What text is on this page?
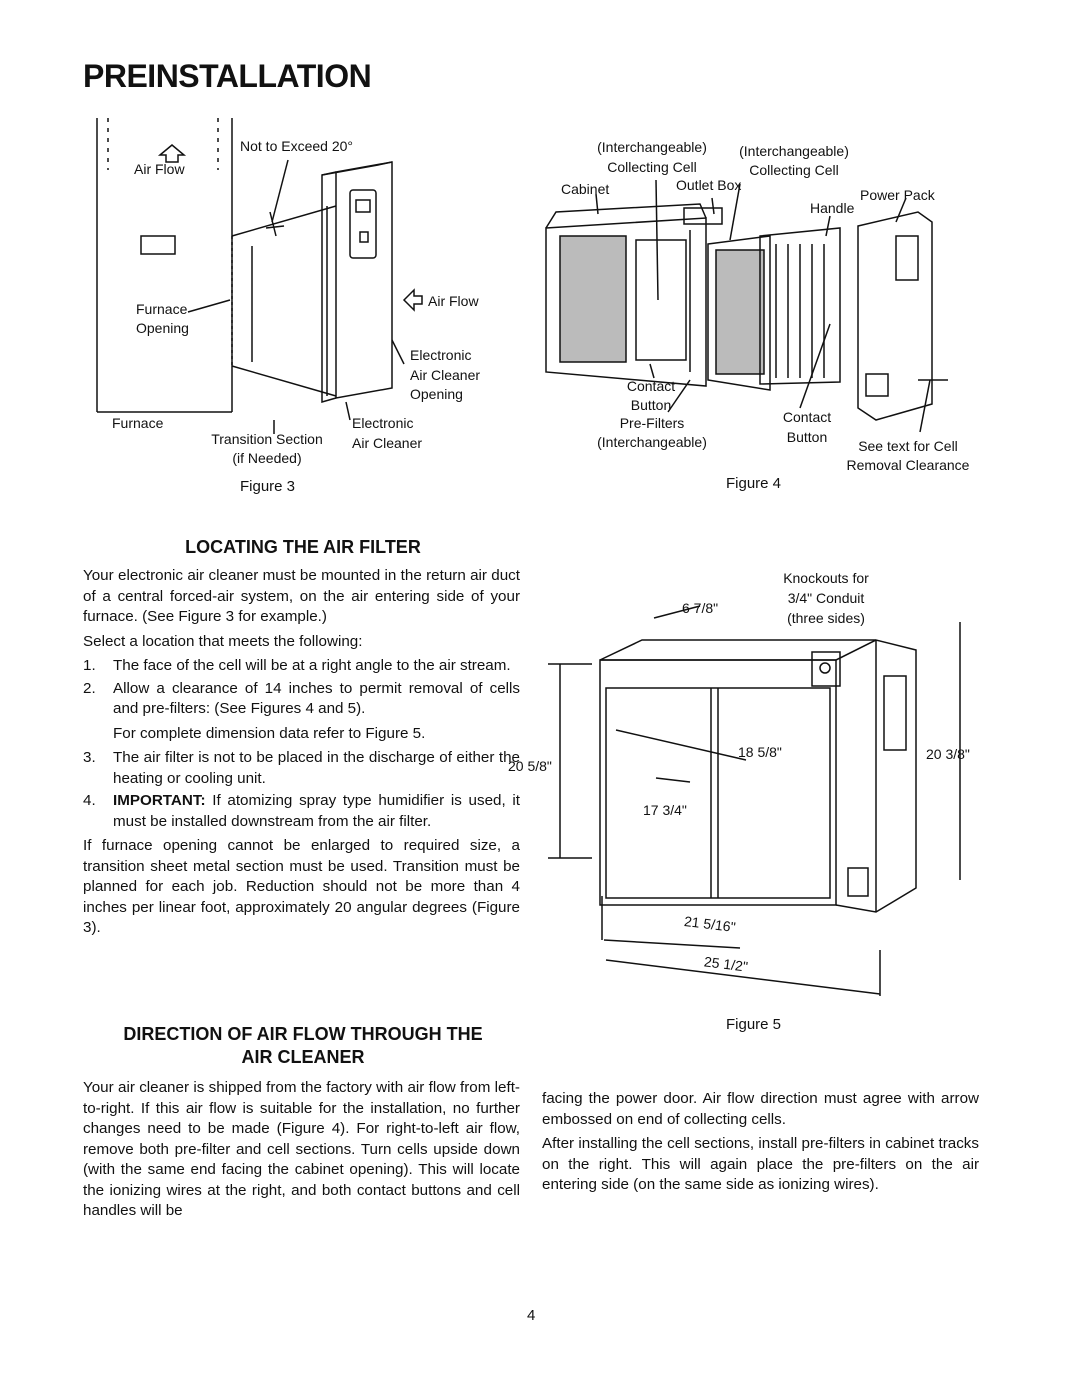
PREINSTALLATION
Air Flow
Not to Exceed 20°
Furnace
Opening
Air Flow
Electronic
Air Cleaner
Opening
Furnace
Transition Section
(if Needed)
Electronic
Air Cleaner
Figure 3
(Interchangeable)
Collecting Cell
(Interchangeable)
Collecting Cell
Cabinet	Outlet Box
Power Pack
Handle
Contact
Button
Pre-Filters
(Interchangeable)
Contact
Button
See text for Cell
Removal Clearance
Figure 4
LOCATING THE AIR FILTER

Your electronic air cleaner must be mounted in the return air duct of a central forced-air system, on the air entering side of your furnace. (See Figure 3 for example.)

Select a location that meets the following:

1. The face of the cell will be at a right angle to the air stream.
2. Allow a clearance of 14 inches to permit removal of cells and pre-filters: (See Figures 4 and 5).

For complete dimension data refer to Figure 5.

3. The air filter is not to be placed in the discharge of either the heating or cooling unit.
4. IMPORTANT: If atomizing spray type humidifier is used, it must be installed downstream from the air filter.

If furnace opening cannot be enlarged to required size, a transition sheet metal section must be used. Transition must be planned for each job. Reduction should not be more than 4 inches per linear foot, approximately 20 angular degrees (Figure 3).

Knockouts for
3/4" Conduit
(three sides)
6 7/8"
20 5/8"
18 5/8"	20 3/8"
17 3/4"
21 5/16"
25 1/2"
Figure 5
DIRECTION OF AIR FLOW THROUGH THE
AIR CLEANER

Your air cleaner is shipped from the factory with air flow from left-to-right. If this air flow is suitable for the installation, no further changes need to be made (Figure 4). For right-to-left air flow, remove both pre-filter and cell sections. Turn cells upside down (with the same end facing the cabinet opening). This will locate the ionizing wires at the right, and both contact buttons and cell handles will be

facing the power door. Air flow direction must agree with arrow embossed on end of collecting cells.

After installing the cell sections, install pre-filters in cabinet tracks on the right. This will again place the pre-filters on the air entering side (on the same side as ionizing wires).

4
